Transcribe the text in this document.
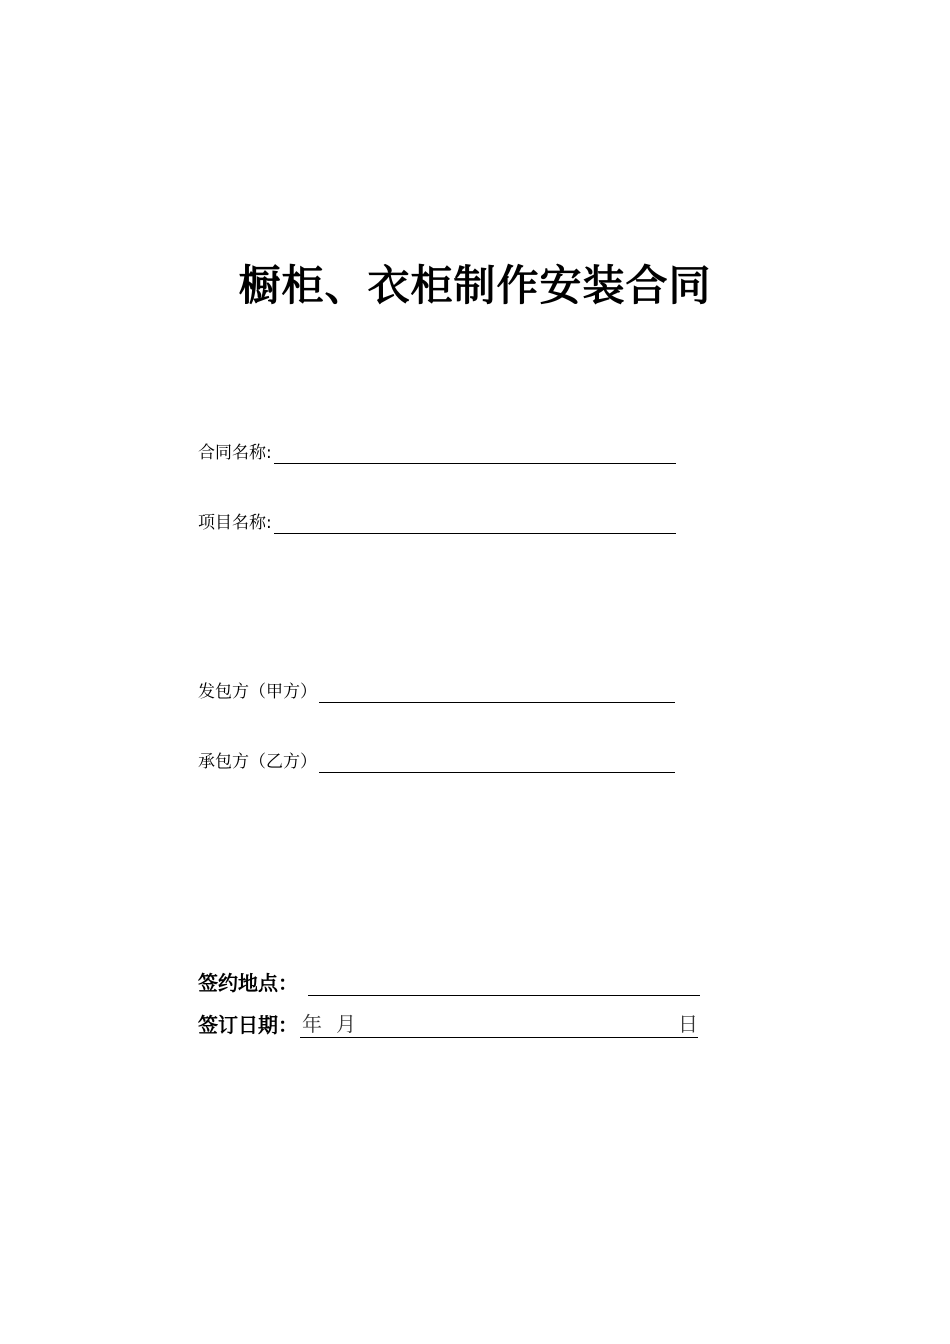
橱柜、衣柜制作安装合同
合同名称:
项目名称:
发包方（甲方）
承包方（乙方）
签约地点：
签订日期： 年 月	日
